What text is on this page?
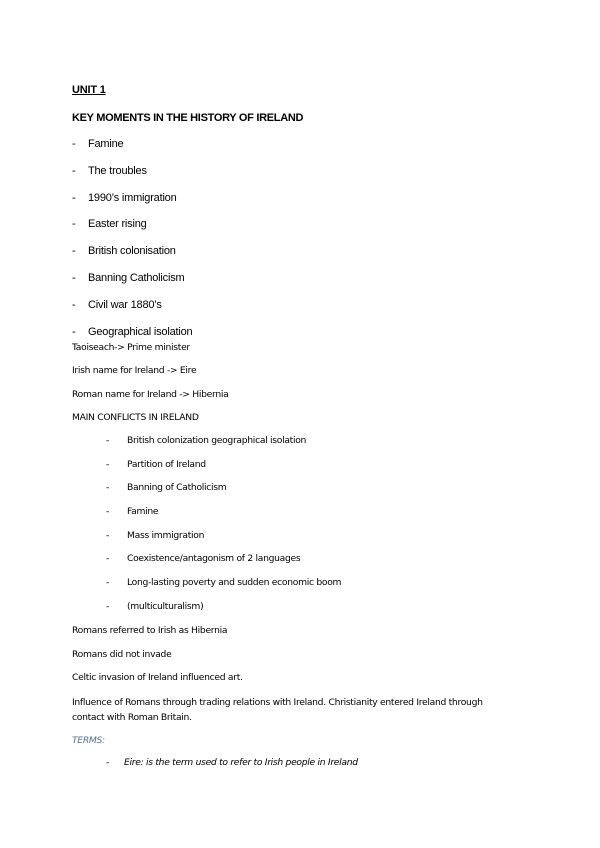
UNIT 1
KEY MOMENTS IN THE HISTORY OF IRELAND
-	Famine
-	The troubles
-	1990’s immigration
-	Easter rising
-	British colonisation
-	Banning Catholicism
-	Civil war 1880’s
-	Geographical isolation
Taoiseach-> Prime minister
Irish name for Ireland -> Eire
Roman name for Ireland -> Hibernia
MAIN CONFLICTS IN IRELAND
-	British colonization geographical isolation
-	Partition of Ireland
-	Banning of Catholicism
-	Famine
-	Mass immigration
-	Coexistence/antagonism of 2 languages
-	Long-lasting poverty and sudden economic boom
-	(multiculturalism)
Romans referred to Irish as Hibernia
Romans did not invade
Celtic invasion of Ireland influenced art.
Influence of Romans through trading relations with Ireland. Christianity entered Ireland through
contact with Roman Britain.
TERMS:
-	Eire: is the term used to refer to Irish people in Ireland
